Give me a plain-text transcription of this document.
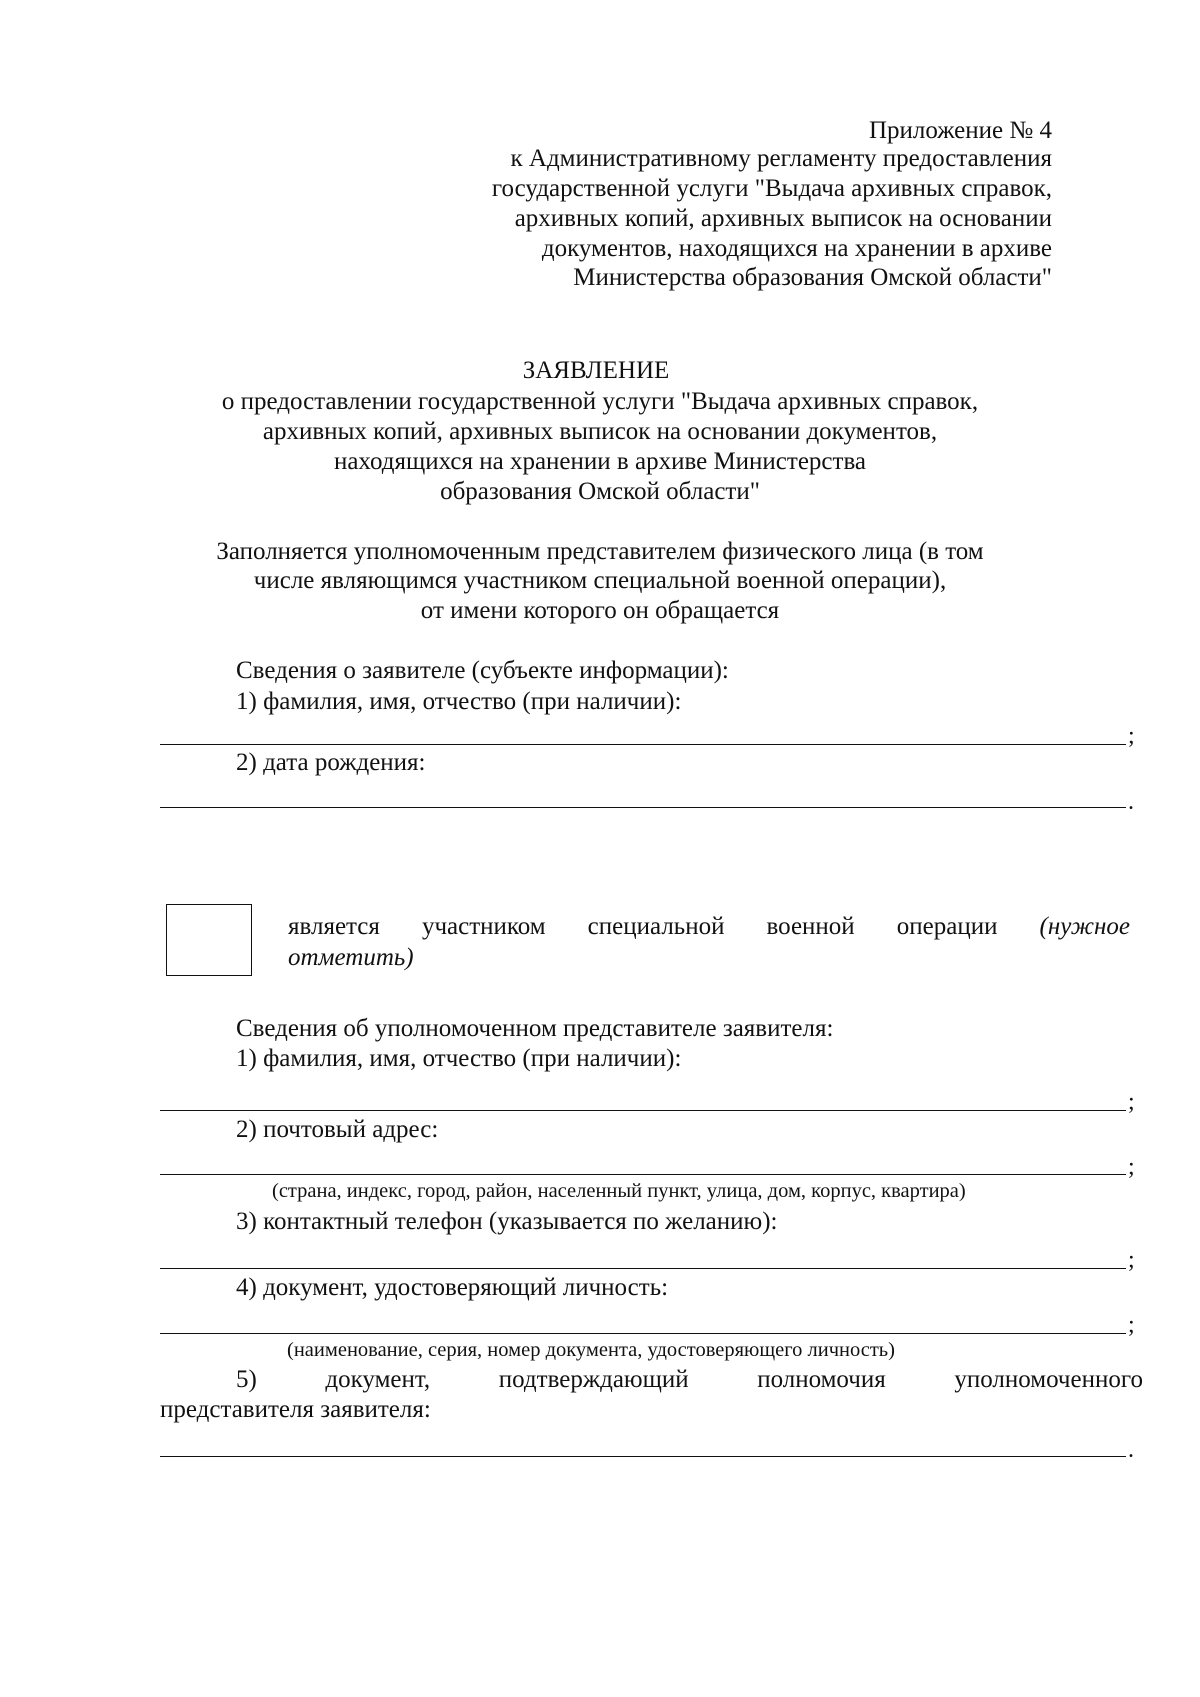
Приложение № 4
к Административному регламенту предоставления
государственной услуги "Выдача архивных справок,
архивных копий, архивных выписок на основании
документов, находящихся на хранении в архиве
Министерства образования Омской области"
ЗАЯВЛЕНИЕ
о предоставлении государственной услуги "Выдача архивных справок,
архивных копий, архивных выписок на основании документов,
находящихся на хранении в архиве Министерства
образования Омской области"
Заполняется уполномоченным представителем физического лица (в том
числе являющимся участником специальной военной операции),
от имени которого он обращается
Сведения о заявителе (субъекте информации):
1) фамилия, имя, отчество (при наличии):
;
2) дата рождения:
.
является участником специальной военной операции (нужное
отметить)
Сведения об уполномоченном представителе заявителя:
1) фамилия, имя, отчество (при наличии):
;
2) почтовый адрес:
;
(страна, индекс, город, район, населенный пункт, улица, дом, корпус, квартира)
3) контактный телефон (указывается по желанию):
;
4) документ, удостоверяющий личность:
;
(наименование, серия, номер документа, удостоверяющего личность)
5)	документ,	подтверждающий	полномочия	уполномоченного
представителя заявителя:
.
